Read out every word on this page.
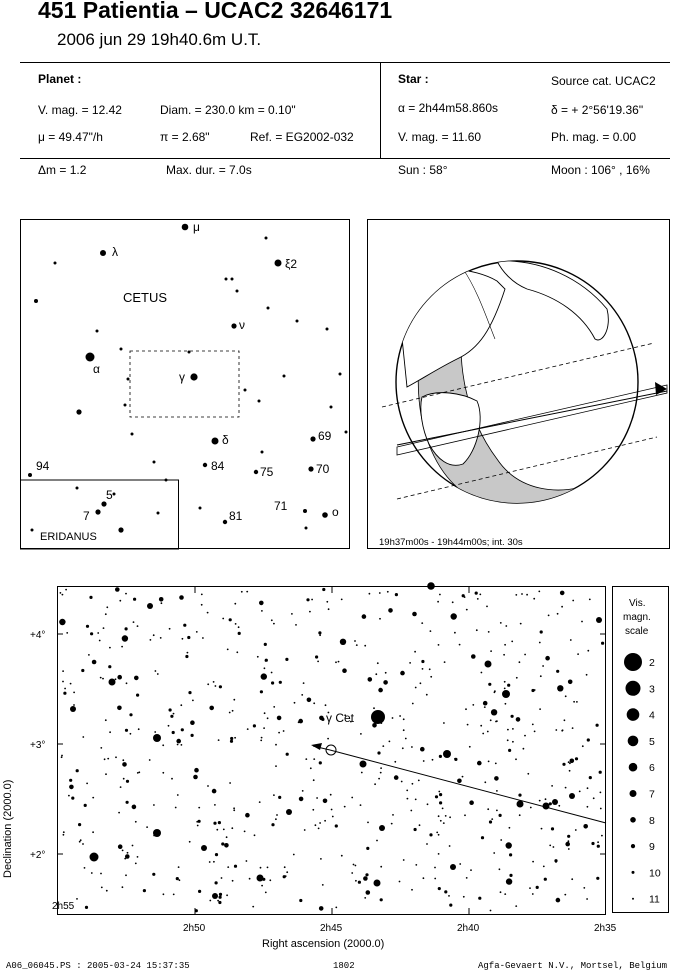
451 Patientia – UCAC2 32646171
2006 jun 29 19h40.6m U.T.
Planet :
V. mag. = 12.42	Diam. = 230.0 km = 0.10"
μ = 49.47"/h	π = 2.68"	Ref. = EG2002-032
Star :	Source cat. UCAC2
α = 2h44m58.860s	δ = + 2°56'19.36"
V. mag. = 11.60	Ph. mag. = 0.00
Δm = 1.2	Max. dur. = 7.0s	Sun : 58°	Moon : 106° , 16%
CETUS
ERIDANUS
μ
λ
ξ2
ν
α
γ
δ	69
70
75
84
81
71	o
94
5
7
19h37m00s - 19h44m00s; int. 30s
γ Cet
2h55
2h50	2h45	2h40	2h35
+4°
+3°
+2°
Right ascension (2000.0)
Declination (2000.0)
Vis.
magn.
scale
2
3
4
5
6
7
8
9
10
11
A06_06045.PS : 2005-03-24 15:37:35	1802	Agfa-Gevaert N.V., Mortsel, Belgium
